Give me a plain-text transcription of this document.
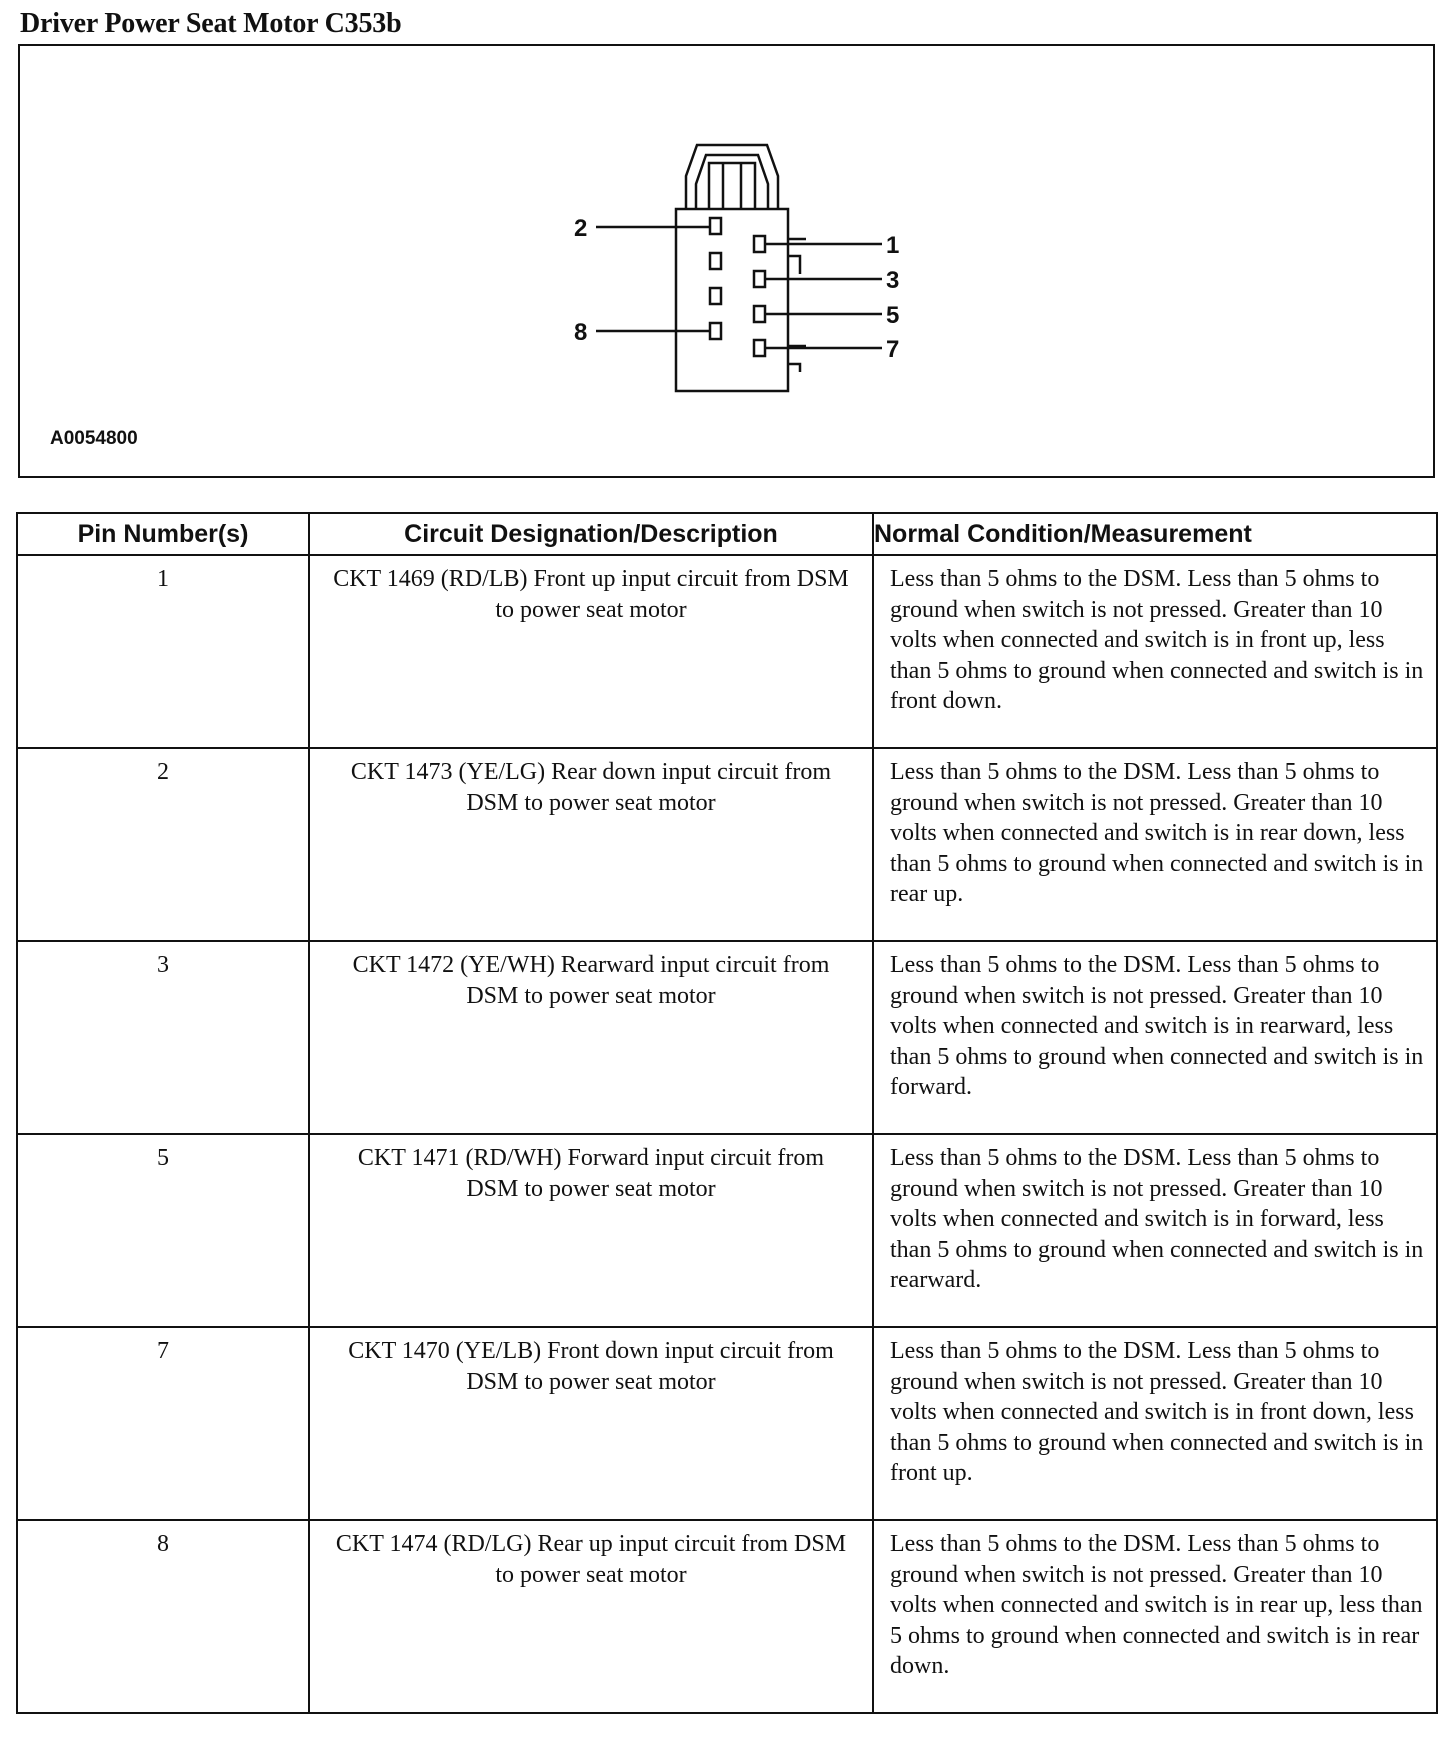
Driver Power Seat Motor C353b
2
8
1
3
5
7
A0054800
Pin Number(s)	Circuit Designation/Description	Normal Condition/Measurement
1	CKT 1469 (RD/LB) Front up input circuit from DSM to power seat motor	Less than 5 ohms to the DSM. Less than 5 ohms to ground when switch is not pressed. Greater than 10 volts when connected and switch is in front up, less than 5 ohms to ground when connected and switch is in front down.
2	CKT 1473 (YE/LG) Rear down input circuit from DSM to power seat motor	Less than 5 ohms to the DSM. Less than 5 ohms to ground when switch is not pressed. Greater than 10 volts when connected and switch is in rear down, less than 5 ohms to ground when connected and switch is in rear up.
3	CKT 1472 (YE/WH) Rearward input circuit from DSM to power seat motor	Less than 5 ohms to the DSM. Less than 5 ohms to ground when switch is not pressed. Greater than 10 volts when connected and switch is in rearward, less than 5 ohms to ground when connected and switch is in forward.
5	CKT 1471 (RD/WH) Forward input circuit from DSM to power seat motor	Less than 5 ohms to the DSM. Less than 5 ohms to ground when switch is not pressed. Greater than 10 volts when connected and switch is in forward, less than 5 ohms to ground when connected and switch is in rearward.
7	CKT 1470 (YE/LB) Front down input circuit from DSM to power seat motor	Less than 5 ohms to the DSM. Less than 5 ohms to ground when switch is not pressed. Greater than 10 volts when connected and switch is in front down, less than 5 ohms to ground when connected and switch is in front up.
8	CKT 1474 (RD/LG) Rear up input circuit from DSM to power seat motor	Less than 5 ohms to the DSM. Less than 5 ohms to ground when switch is not pressed. Greater than 10 volts when connected and switch is in rear up, less than 5 ohms to ground when connected and switch is in rear down.
